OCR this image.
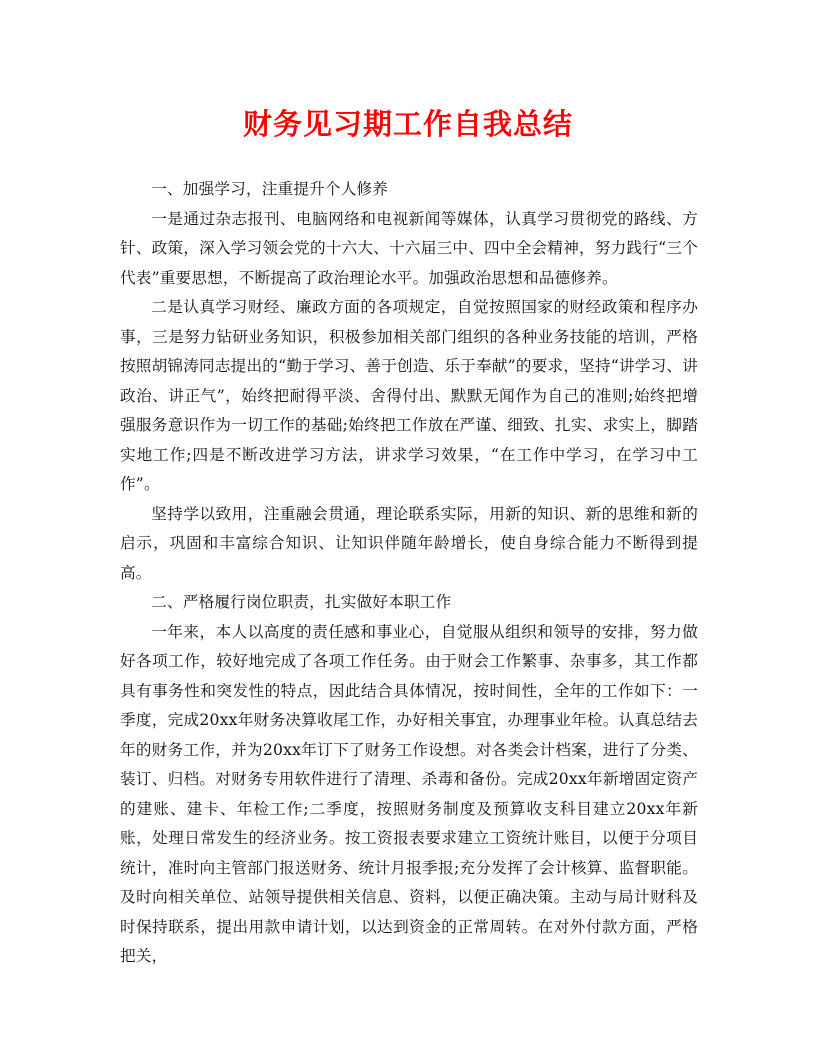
财务见习期工作自我总结

一、加强学习，注重提升个人修养

一是通过杂志报刊、电脑网络和电视新闻等媒体，认真学习贯彻党的路线、方针、政策，深入学习领会党的十六大、十六届三中、四中全会精神，努力践行“三个代表”重要思想，不断提高了政治理论水平。加强政治思想和品德修养。

二是认真学习财经、廉政方面的各项规定，自觉按照国家的财经政策和程序办事，三是努力钻研业务知识，积极参加相关部门组织的各种业务技能的培训，严格按照胡锦涛同志提出的“勤于学习、善于创造、乐于奉献”的要求，坚持“讲学习、讲政治、讲正气”，始终把耐得平淡、舍得付出、默默无闻作为自己的准则;始终把增强服务意识作为一切工作的基础;始终把工作放在严谨、细致、扎实、求实上，脚踏实地工作;四是不断改进学习方法，讲求学习效果，“在工作中学习，在学习中工作”。

坚持学以致用，注重融会贯通，理论联系实际，用新的知识、新的思维和新的启示，巩固和丰富综合知识、让知识伴随年龄增长，使自身综合能力不断得到提高。

二、严格履行岗位职责，扎实做好本职工作

一年来，本人以高度的责任感和事业心，自觉服从组织和领导的安排，努力做好各项工作，较好地完成了各项工作任务。由于财会工作繁事、杂事多，其工作都具有事务性和突发性的特点，因此结合具体情况，按时间性，全年的工作如下：一季度，完成20xx年财务决算收尾工作，办好相关事宜，办理事业年检。认真总结去年的财务工作，并为20xx年订下了财务工作设想。对各类会计档案，进行了分类、装订、归档。对财务专用软件进行了清理、杀毒和备份。完成20xx年新增固定资产的建账、建卡、年检工作;二季度，按照财务制度及预算收支科目建立20xx年新账，处理日常发生的经济业务。按工资报表要求建立工资统计账目，以便于分项目统计，准时向主管部门报送财务、统计月报季报;充分发挥了会计核算、监督职能。及时向相关单位、站领导提供相关信息、资料，以便正确决策。主动与局计财科及时保持联系，提出用款申请计划，以达到资金的正常周转。在对外付款方面，严格把关，
